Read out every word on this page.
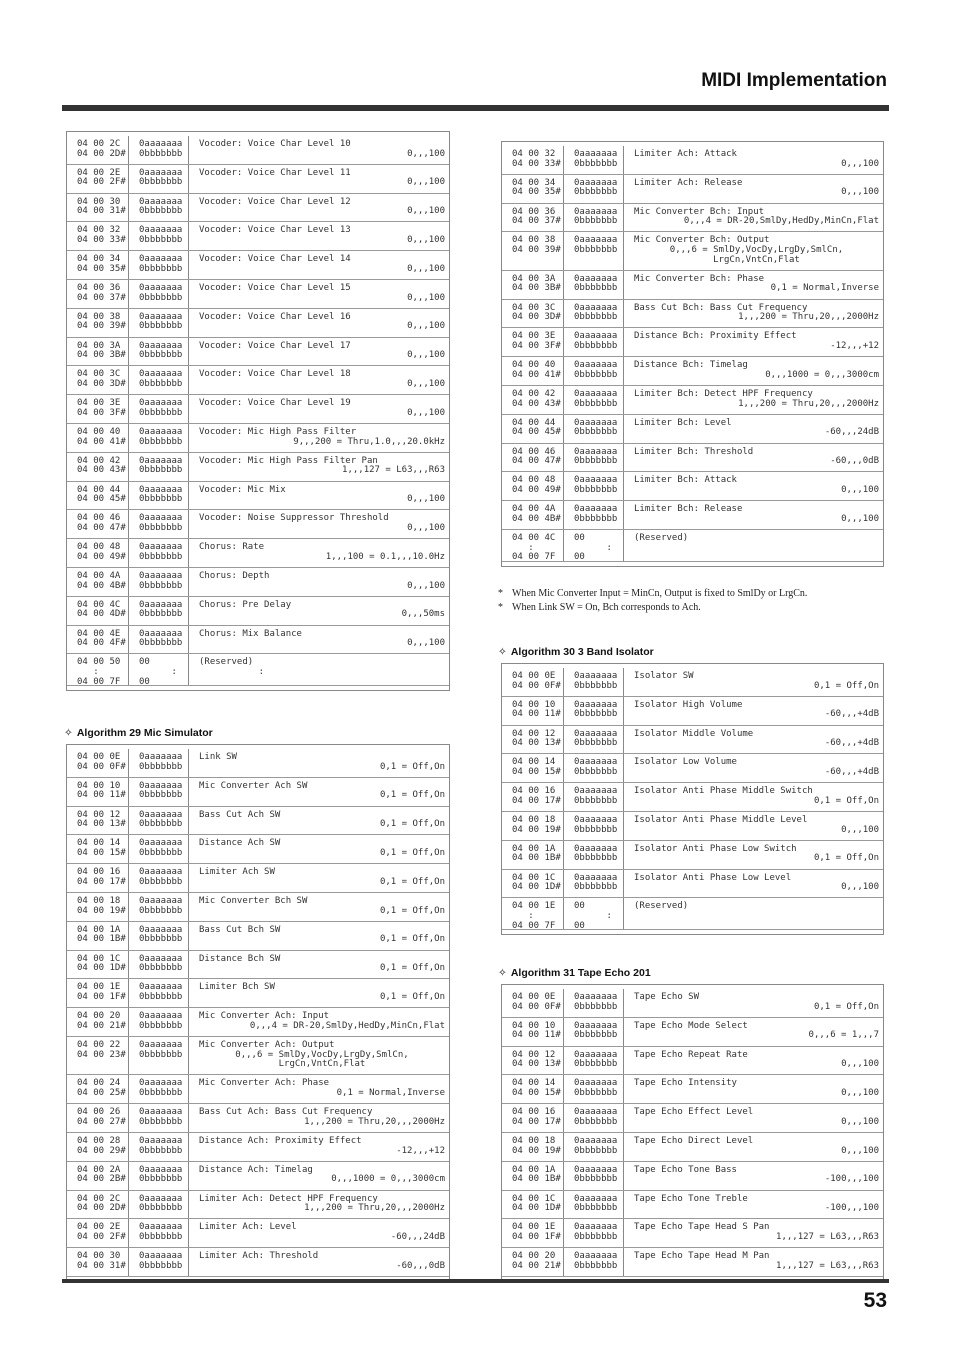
MIDI Implementation
04 00 2C
04 00 2D#
0aaaaaaa
0bbbbbbb
Vocoder: Voice Char Level 10
0,,,100
04 00 2E
04 00 2F#
0aaaaaaa
0bbbbbbb
Vocoder: Voice Char Level 11
0,,,100
04 00 30
04 00 31#
0aaaaaaa
0bbbbbbb
Vocoder: Voice Char Level 12
0,,,100
04 00 32
04 00 33#
0aaaaaaa
0bbbbbbb
Vocoder: Voice Char Level 13
0,,,100
04 00 34
04 00 35#
0aaaaaaa
0bbbbbbb
Vocoder: Voice Char Level 14
0,,,100
04 00 36
04 00 37#
0aaaaaaa
0bbbbbbb
Vocoder: Voice Char Level 15
0,,,100
04 00 38
04 00 39#
0aaaaaaa
0bbbbbbb
Vocoder: Voice Char Level 16
0,,,100
04 00 3A
04 00 3B#
0aaaaaaa
0bbbbbbb
Vocoder: Voice Char Level 17
0,,,100
04 00 3C
04 00 3D#
0aaaaaaa
0bbbbbbb
Vocoder: Voice Char Level 18
0,,,100
04 00 3E
04 00 3F#
0aaaaaaa
0bbbbbbb
Vocoder: Voice Char Level 19
0,,,100
04 00 40
04 00 41#
0aaaaaaa
0bbbbbbb
Vocoder: Mic High Pass Filter
9,,,200 = Thru,1.0,,,20.0kHz
04 00 42
04 00 43#
0aaaaaaa
0bbbbbbb
Vocoder: Mic High Pass Filter Pan
1,,,127 = L63,,,R63
04 00 44
04 00 45#
0aaaaaaa
0bbbbbbb
Vocoder: Mic Mix
0,,,100
04 00 46
04 00 47#
0aaaaaaa
0bbbbbbb
Vocoder: Noise Suppressor Threshold
0,,,100
04 00 48
04 00 49#
0aaaaaaa
0bbbbbbb
Chorus: Rate
1,,,100 = 0.1,,,10.0Hz
04 00 4A
04 00 4B#
0aaaaaaa
0bbbbbbb
Chorus: Depth
0,,,100
04 00 4C
04 00 4D#
0aaaaaaa
0bbbbbbb
Chorus: Pre Delay
0,,,50ms
04 00 4E
04 00 4F#
0aaaaaaa
0bbbbbbb
Chorus: Mix Balance
0,,,100
04 00 50
:
04 00 7F
00
:
00
(Reserved)
:
✧ Algorithm 29 Mic Simulator
04 00 0E
04 00 0F#
0aaaaaaa
0bbbbbbb
Link SW
0,1 = Off,On
04 00 10
04 00 11#
0aaaaaaa
0bbbbbbb
Mic Converter Ach SW
0,1 = Off,On
04 00 12
04 00 13#
0aaaaaaa
0bbbbbbb
Bass Cut Ach SW
0,1 = Off,On
04 00 14
04 00 15#
0aaaaaaa
0bbbbbbb
Distance Ach SW
0,1 = Off,On
04 00 16
04 00 17#
0aaaaaaa
0bbbbbbb
Limiter Ach SW
0,1 = Off,On
04 00 18
04 00 19#
0aaaaaaa
0bbbbbbb
Mic Converter Bch SW
0,1 = Off,On
04 00 1A
04 00 1B#
0aaaaaaa
0bbbbbbb
Bass Cut Bch SW
0,1 = Off,On
04 00 1C
04 00 1D#
0aaaaaaa
0bbbbbbb
Distance Bch SW
0,1 = Off,On
04 00 1E
04 00 1F#
0aaaaaaa
0bbbbbbb
Limiter Bch SW
0,1 = Off,On
04 00 20
04 00 21#
0aaaaaaa
0bbbbbbb
Mic Converter Ach: Input
0,,,4 = DR-20,SmlDy,HedDy,MinCn,Flat
04 00 22
04 00 23#
0aaaaaaa
0bbbbbbb
Mic Converter Ach: Output
0,,,6 = SmlDy,VocDy,LrgDy,SmlCn,
LrgCn,VntCn,Flat
04 00 24
04 00 25#
0aaaaaaa
0bbbbbbb
Mic Converter Ach: Phase
0,1 = Normal,Inverse
04 00 26
04 00 27#
0aaaaaaa
0bbbbbbb
Bass Cut Ach: Bass Cut Frequency
1,,,200 = Thru,20,,,2000Hz
04 00 28
04 00 29#
0aaaaaaa
0bbbbbbb
Distance Ach: Proximity Effect
-12,,,+12
04 00 2A
04 00 2B#
0aaaaaaa
0bbbbbbb
Distance Ach: Timelag
0,,,1000 = 0,,,3000cm
04 00 2C
04 00 2D#
0aaaaaaa
0bbbbbbb
Limiter Ach: Detect HPF Frequency
1,,,200 = Thru,20,,,2000Hz
04 00 2E
04 00 2F#
0aaaaaaa
0bbbbbbb
Limiter Ach: Level
-60,,,24dB
04 00 30
04 00 31#
0aaaaaaa
0bbbbbbb
Limiter Ach: Threshold
-60,,,0dB
04 00 32
04 00 33#
0aaaaaaa
0bbbbbbb
Limiter Ach: Attack
0,,,100
04 00 34
04 00 35#
0aaaaaaa
0bbbbbbb
Limiter Ach: Release
0,,,100
04 00 36
04 00 37#
0aaaaaaa
0bbbbbbb
Mic Converter Bch: Input
0,,,4 = DR-20,SmlDy,HedDy,MinCn,Flat
04 00 38
04 00 39#
0aaaaaaa
0bbbbbbb
Mic Converter Bch: Output
0,,,6 = SmlDy,VocDy,LrgDy,SmlCn,
LrgCn,VntCn,Flat
04 00 3A
04 00 3B#
0aaaaaaa
0bbbbbbb
Mic Converter Bch: Phase
0,1 = Normal,Inverse
04 00 3C
04 00 3D#
0aaaaaaa
0bbbbbbb
Bass Cut Bch: Bass Cut Frequency
1,,,200 = Thru,20,,,2000Hz
04 00 3E
04 00 3F#
0aaaaaaa
0bbbbbbb
Distance Bch: Proximity Effect
-12,,,+12
04 00 40
04 00 41#
0aaaaaaa
0bbbbbbb
Distance Bch: Timelag
0,,,1000 = 0,,,3000cm
04 00 42
04 00 43#
0aaaaaaa
0bbbbbbb
Limiter Bch: Detect HPF Frequency
1,,,200 = Thru,20,,,2000Hz
04 00 44
04 00 45#
0aaaaaaa
0bbbbbbb
Limiter Bch: Level
-60,,,24dB
04 00 46
04 00 47#
0aaaaaaa
0bbbbbbb
Limiter Bch: Threshold
-60,,,0dB
04 00 48
04 00 49#
0aaaaaaa
0bbbbbbb
Limiter Bch: Attack
0,,,100
04 00 4A
04 00 4B#
0aaaaaaa
0bbbbbbb
Limiter Bch: Release
0,,,100
04 00 4C
:
04 00 7F
00
:
00
(Reserved)
* When Mic Converter Input = MinCn, Output is fixed to SmlDy or LrgCn.
* When Link SW = On, Bch corresponds to Ach.
✧ Algorithm 30 3 Band Isolator
04 00 0E
04 00 0F#
0aaaaaaa
0bbbbbbb
Isolator SW
0,1 = Off,On
04 00 10
04 00 11#
0aaaaaaa
0bbbbbbb
Isolator High Volume
-60,,,+4dB
04 00 12
04 00 13#
0aaaaaaa
0bbbbbbb
Isolator Middle Volume
-60,,,+4dB
04 00 14
04 00 15#
0aaaaaaa
0bbbbbbb
Isolator Low Volume
-60,,,+4dB
04 00 16
04 00 17#
0aaaaaaa
0bbbbbbb
Isolator Anti Phase Middle Switch
0,1 = Off,On
04 00 18
04 00 19#
0aaaaaaa
0bbbbbbb
Isolator Anti Phase Middle Level
0,,,100
04 00 1A
04 00 1B#
0aaaaaaa
0bbbbbbb
Isolator Anti Phase Low Switch
0,1 = Off,On
04 00 1C
04 00 1D#
0aaaaaaa
0bbbbbbb
Isolator Anti Phase Low Level
0,,,100
04 00 1E
:
04 00 7F
00
:
00
(Reserved)
✧ Algorithm 31 Tape Echo 201
04 00 0E
04 00 0F#
0aaaaaaa
0bbbbbbb
Tape Echo SW
0,1 = Off,On
04 00 10
04 00 11#
0aaaaaaa
0bbbbbbb
Tape Echo Mode Select
0,,,6 = 1,,,7
04 00 12
04 00 13#
0aaaaaaa
0bbbbbbb
Tape Echo Repeat Rate
0,,,100
04 00 14
04 00 15#
0aaaaaaa
0bbbbbbb
Tape Echo Intensity
0,,,100
04 00 16
04 00 17#
0aaaaaaa
0bbbbbbb
Tape Echo Effect Level
0,,,100
04 00 18
04 00 19#
0aaaaaaa
0bbbbbbb
Tape Echo Direct Level
0,,,100
04 00 1A
04 00 1B#
0aaaaaaa
0bbbbbbb
Tape Echo Tone Bass
-100,,,100
04 00 1C
04 00 1D#
0aaaaaaa
0bbbbbbb
Tape Echo Tone Treble
-100,,,100
04 00 1E
04 00 1F#
0aaaaaaa
0bbbbbbb
Tape Echo Tape Head S Pan
1,,,127 = L63,,,R63
04 00 20
04 00 21#
0aaaaaaa
0bbbbbbb
Tape Echo Tape Head M Pan
1,,,127 = L63,,,R63
53
